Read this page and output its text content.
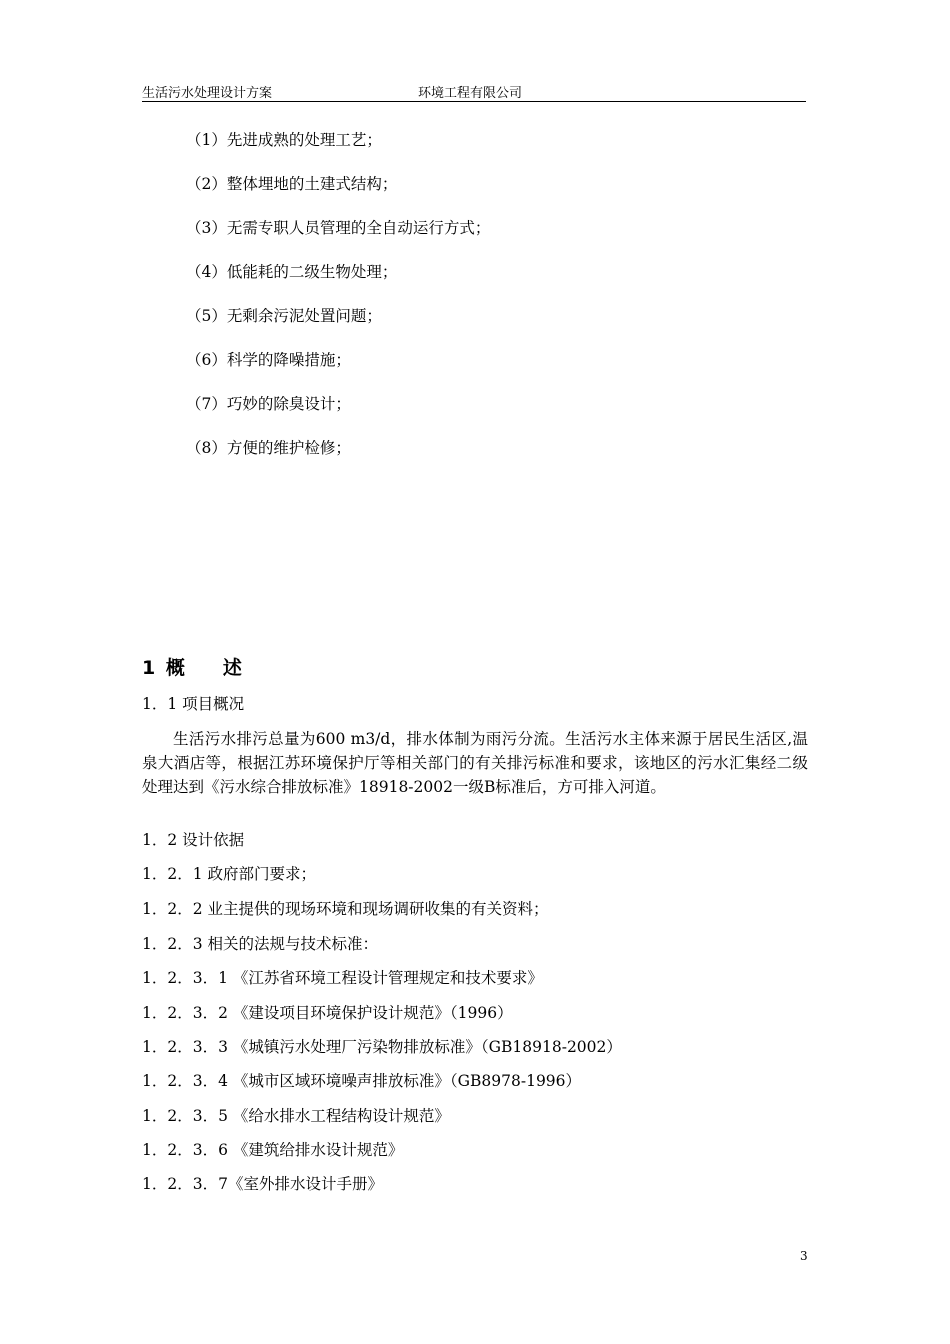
生活污水处理设计方案	环境工程有限公司
（1）先进成熟的处理工艺；
（2）整体埋地的土建式结构；
（3）无需专职人员管理的全自动运行方式；
（4）低能耗的二级生物处理；
（5）无剩余污泥处置问题；
（6）科学的降噪措施；
（7）巧妙的除臭设计；
（8）方便的维护检修；
1 概 述
1．1 项目概况
生活污水排污总量为600 m3/d，排水体制为雨污分流。生活污水主体来源于居民生活区,温泉大酒店等，根据江苏环境保护厅等相关部门的有关排污标准和要求，该地区的污水汇集经二级处理达到《污水综合排放标准》18918-2002一级B标准后，方可排入河道。
1．2 设计依据
1．2．1 政府部门要求；
1．2．2 业主提供的现场环境和现场调研收集的有关资料；
1．2．3 相关的法规与技术标准：
1．2．3．1 《江苏省环境工程设计管理规定和技术要求》
1．2．3．2 《建设项目环境保护设计规范》（1996）
1．2．3．3 《城镇污水处理厂污染物排放标准》（GB18918-2002）
1．2．3．4 《城市区域环境噪声排放标准》（GB8978-1996）
1．2．3．5 《给水排水工程结构设计规范》
1．2．3．6 《建筑给排水设计规范》
1．2．3．7《室外排水设计手册》
3
